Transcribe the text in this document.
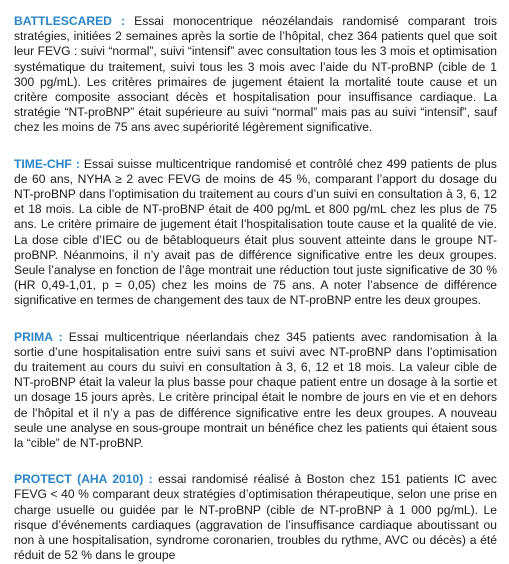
BATTLESCARED : Essai monocentrique néozélandais randomisé comparant trois stratégies, initiées 2 semaines après la sortie de l’hôpital, chez 364 patients quel que soit leur FEVG : suivi “normal”, suivi “intensif” avec consultation tous les 3 mois et optimisation systématique du traitement, suivi tous les 3 mois avec l’aide du NT-proBNP (cible de 1 300 pg/mL). Les critères primaires de jugement étaient la mortalité toute cause et un critère composite associant décès et hospitalisation pour insuffisance cardiaque. La stratégie “NT-proBNP” était supérieure au suivi “normal” mais pas au suivi “intensif”, sauf chez les moins de 75 ans avec supériorité légèrement significative.

TIME-CHF : Essai suisse multicentrique randomisé et contrôlé chez 499 patients de plus de 60 ans, NYHA ≥ 2 avec FEVG de moins de 45 %, comparant l’apport du dosage du NT-proBNP dans l’optimisation du traitement au cours d’un suivi en consultation à 3, 6, 12 et 18 mois. La cible de NT-proBNP était de 400 pg/mL et 800 pg/mL chez les plus de 75 ans. Le critère primaire de jugement était l’hospitalisation toute cause et la qualité de vie. La dose cible d’IEC ou de bêtabloqueurs était plus souvent atteinte dans le groupe NT-proBNP. Néanmoins, il n’y avait pas de différence significative entre les deux groupes. Seule l’analyse en fonction de l’âge montrait une réduction tout juste significative de 30 % (HR 0,49-1,01, p = 0,05) chez les moins de 75 ans. A noter l’absence de différence significative en termes de changement des taux de NT-proBNP entre les deux groupes.

PRIMA : Essai multicentrique néerlandais chez 345 patients avec randomisation à la sortie d’une hospitalisation entre suivi sans et suivi avec NT-proBNP dans l’optimisation du traitement au cours du suivi en consultation à 3, 6, 12 et 18 mois. La valeur cible de NT-proBNP était la valeur la plus basse pour chaque patient entre un dosage à la sortie et un dosage 15 jours après. Le critère principal était le nombre de jours en vie et en dehors de l’hôpital et il n’y a pas de différence significative entre les deux groupes. A nouveau seule une analyse en sous-groupe montrait un bénéfice chez les patients qui étaient sous la “cible” de NT-proBNP.

PROTECT (AHA 2010) : essai randomisé réalisé à Boston chez 151 patients IC avec FEVG < 40 % comparant deux stratégies d’optimisation thérapeutique, selon une prise en charge usuelle ou guidée par le NT-proBNP (cible de NT-proBNP à 1 000 pg/mL). Le risque d’événements cardiaques (aggravation de l’insuffisance cardiaque aboutissant ou non à une hospitalisation, syndrome coronarien, troubles du rythme, AVC ou décès) a été réduit de 52 % dans le groupe
